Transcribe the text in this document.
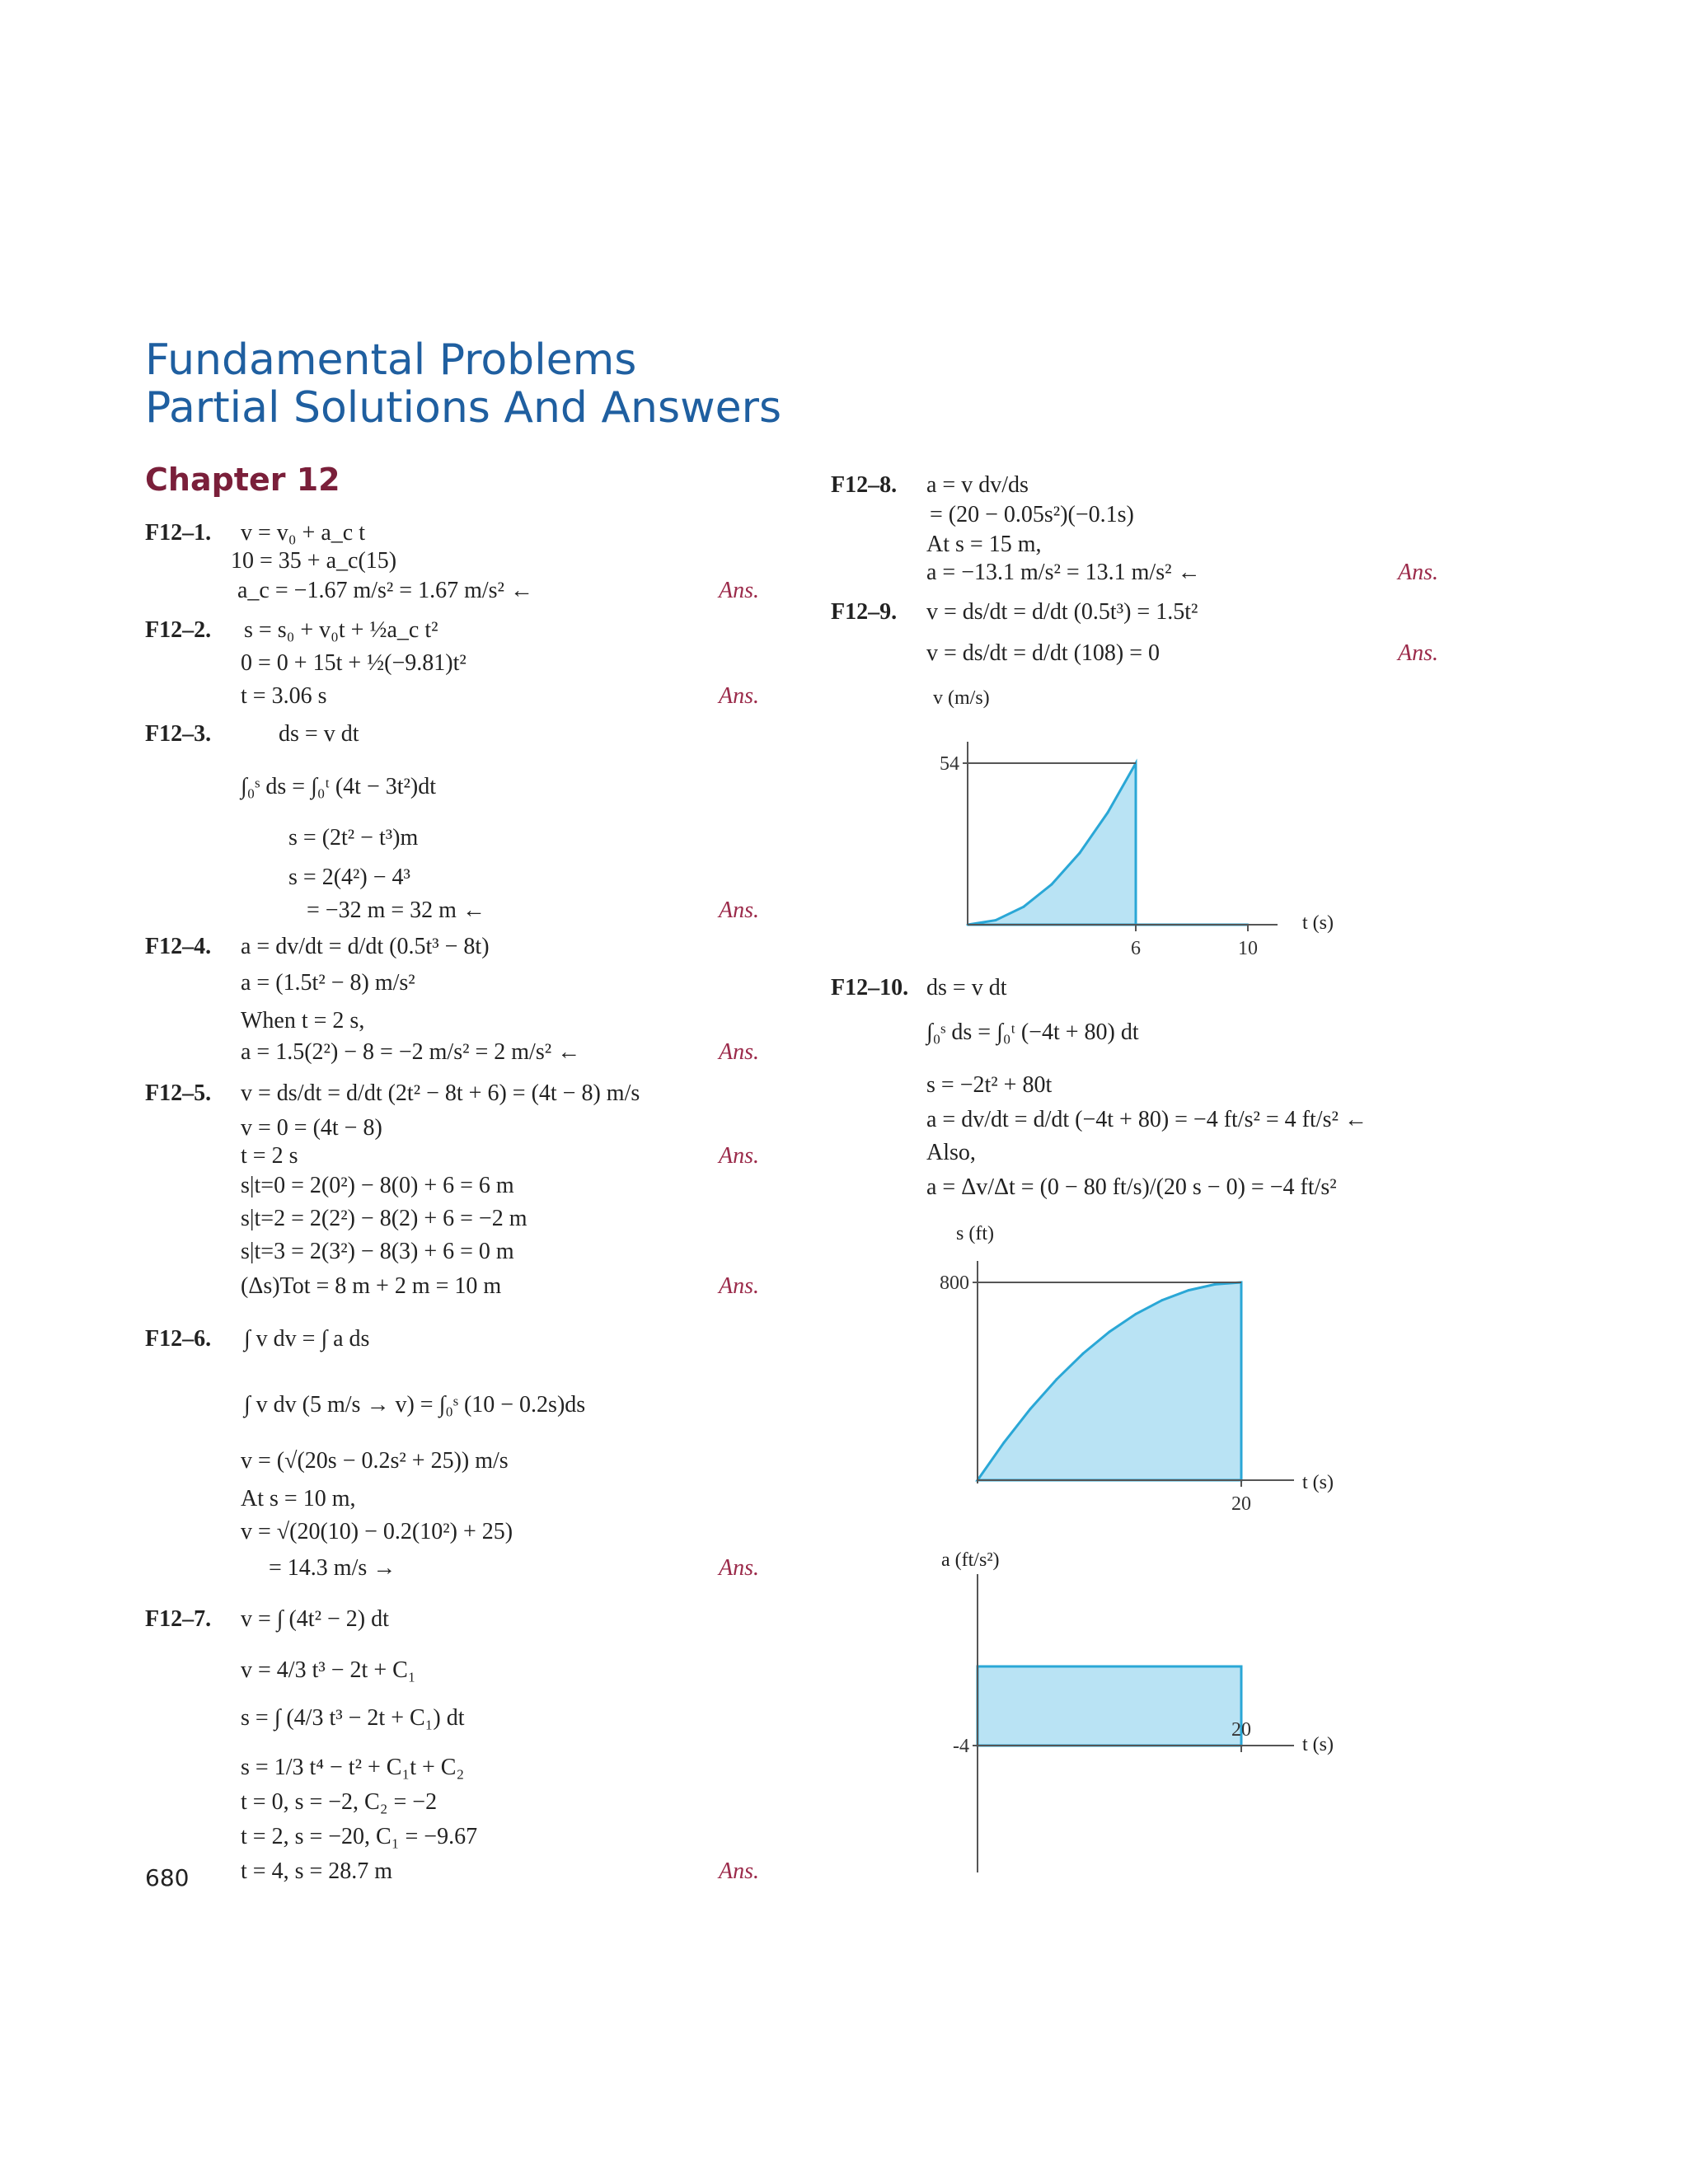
Fundamental Problems
Partial Solutions And Answers
Chapter 12
680
F12–1. v = v₀ + a_c t
10 = 35 + a_c(15)
a_c = −1.67 m/s² = 1.67 m/s² ←	Ans.
F12–2. s = s₀ + v₀t + ½a_c t²
0 = 0 + 15t + ½(−9.81)t²
t = 3.06 s	Ans.
F12–3.	ds = v dt
∫₀ˢ ds = ∫₀ᵗ (4t − 3t²)dt
s = (2t² − t³)m
s = 2(4²) − 4³
= −32 m = 32 m ←	Ans.
F12–4. a = dv/dt = d/dt (0.5t³ − 8t)
a = (1.5t² − 8) m/s²
When t = 2 s,
a = 1.5(2²) − 8 = −2 m/s² = 2 m/s² ←	Ans.
F12–5. v = ds/dt = d/dt (2t² − 8t + 6) = (4t − 8) m/s
v = 0 = (4t − 8)
t = 2 s	Ans.
s|t=0 = 2(0²) − 8(0) + 6 = 6 m
s|t=2 = 2(2²) − 8(2) + 6 = −2 m
s|t=3 = 2(3²) − 8(3) + 6 = 0 m
(Δs)Tot = 8 m + 2 m = 10 m	Ans.
F12–6. ∫ v dv = ∫ a ds
∫ v dv (5 m/s → v) = ∫₀ˢ (10 − 0.2s)ds
v = (√(20s − 0.2s² + 25)) m/s
At s = 10 m,
v = √(20(10) − 0.2(10²) + 25)
= 14.3 m/s →	Ans.
F12–7. v = ∫ (4t² − 2) dt
v = 4/3 t³ − 2t + C₁
s = ∫ (4/3 t³ − 2t + C₁) dt
s = 1/3 t⁴ − t² + C₁t + C₂
t = 0, s = −2, C₂ = −2
t = 2, s = −20, C₁ = −9.67
t = 4, s = 28.7 m	Ans.
F12–8. a = v dv/ds
= (20 − 0.05s²)(−0.1s)
At s = 15 m,
a = −13.1 m/s² = 13.1 m/s² ←	Ans.
F12–9. v = ds/dt = d/dt (0.5t³) = 1.5t²
v = ds/dt = d/dt (108) = 0	Ans.
F12–10. ds = v dt
∫₀ˢ ds = ∫₀ᵗ (−4t + 80) dt
s = −2t² + 80t
a = dv/dt = d/dt (−4t + 80) = −4 ft/s² = 4 ft/s² ←
Also,
a = Δv/Δt = (0 − 80 ft/s)/(20 s − 0) = −4 ft/s²
v (m/s)
t (s)
54
6	10
s (ft)
t (s)
800
20
a (ft/s²)
t (s)
-4
20
